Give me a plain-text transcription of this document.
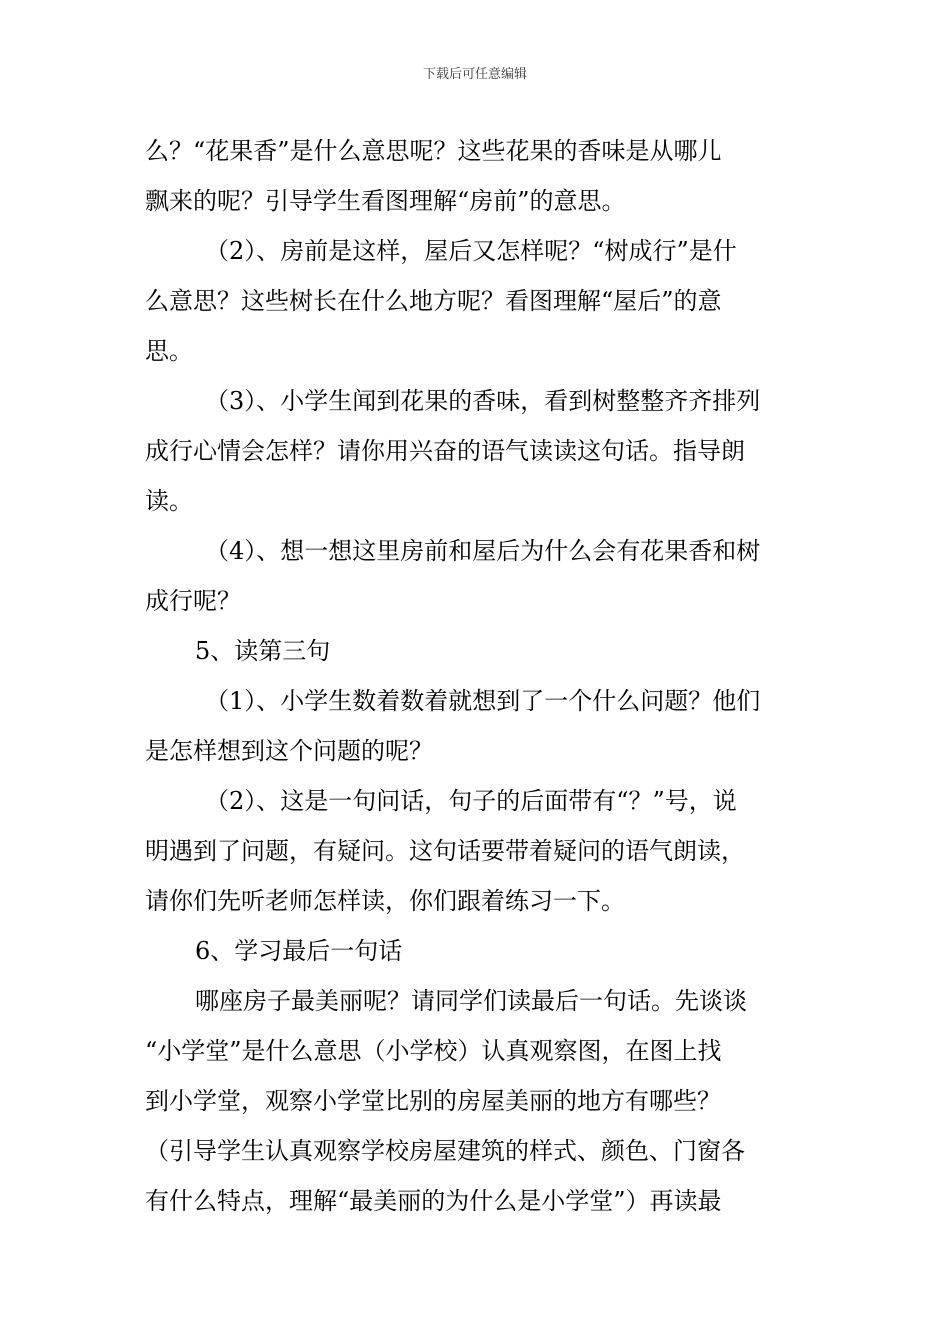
下载后可任意编辑
么？“花果香”是什么意思呢？这些花果的香味是从哪儿
飘来的呢？引导学生看图理解“房前”的意思。
（2）、房前是这样，屋后又怎样呢？“树成行”是什
么意思？这些树长在什么地方呢？看图理解“屋后”的意
思。
（3）、小学生闻到花果的香味，看到树整整齐齐排列
成行心情会怎样？请你用兴奋的语气读读这句话。指导朗
读。
（4）、想一想这里房前和屋后为什么会有花果香和树
成行呢？
5、读第三句
（1）、小学生数着数着就想到了一个什么问题？他们
是怎样想到这个问题的呢？
（2）、这是一句问话，句子的后面带有“？”号，说
明遇到了问题，有疑问。这句话要带着疑问的语气朗读，
请你们先听老师怎样读，你们跟着练习一下。
6、学习最后一句话
哪座房子最美丽呢？请同学们读最后一句话。先谈谈
“小学堂”是什么意思（小学校）认真观察图，在图上找
到小学堂，观察小学堂比别的房屋美丽的地方有哪些？
（引导学生认真观察学校房屋建筑的样式、颜色、门窗各
有什么特点，理解“最美丽的为什么是小学堂”）再读最
